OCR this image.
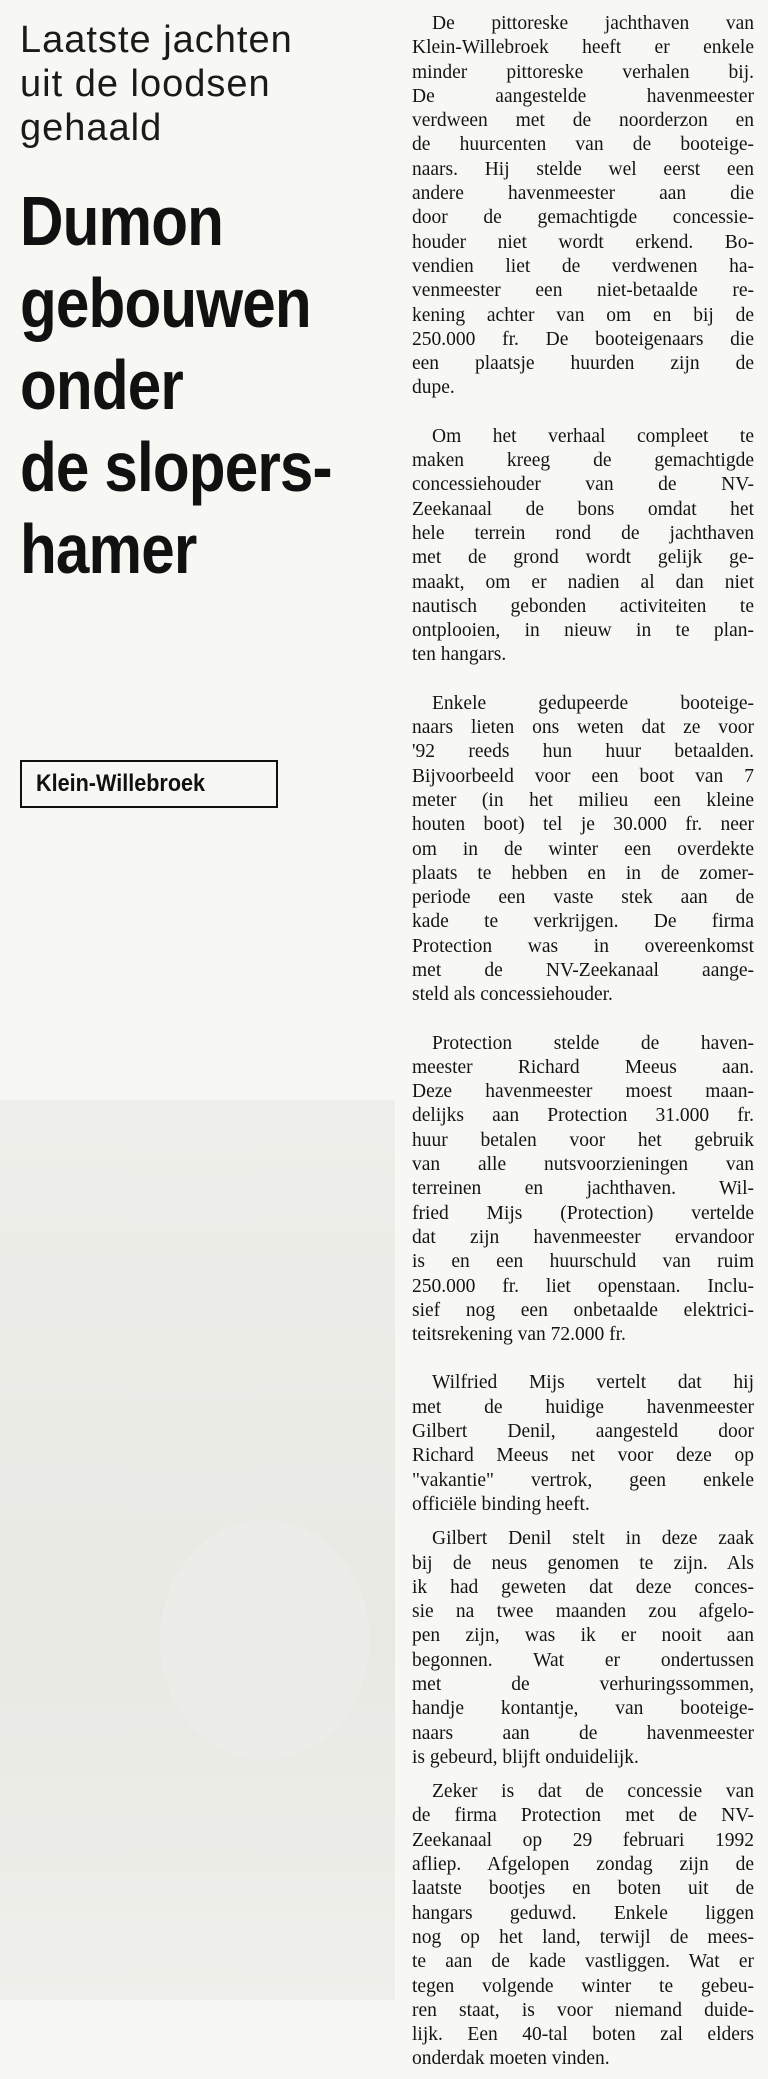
Laatste jachten
uit de loodsen
gehaald
Dumon
gebouwen
onder
de slopers-
hamer
Klein-Willebroek

De pittoreske jachthaven van
Klein-Willebroek heeft er enkele
minder pittoreske verhalen bij.
De aangestelde havenmeester
verdween met de noorderzon en
de huurcenten van de booteige-
naars. Hij stelde wel eerst een
andere havenmeester aan die
door de gemachtigde concessie-
houder niet wordt erkend. Bo-
vendien liet de verdwenen ha-
venmeester een niet-betaalde re-
kening achter van om en bij de
250.000 fr. De booteigenaars die
een plaatsje huurden zijn de
dupe.

Om het verhaal compleet te
maken kreeg de gemachtigde
concessiehouder van de NV-
Zeekanaal de bons omdat het
hele terrein rond de jachthaven
met de grond wordt gelijk ge-
maakt, om er nadien al dan niet
nautisch gebonden activiteiten te
ontplooien, in nieuw in te plan-
ten hangars.

Enkele gedupeerde booteige-
naars lieten ons weten dat ze voor
'92 reeds hun huur betaalden.
Bijvoorbeeld voor een boot van 7
meter (in het milieu een kleine
houten boot) tel je 30.000 fr. neer
om in de winter een overdekte
plaats te hebben en in de zomer-
periode een vaste stek aan de
kade te verkrijgen. De firma
Protection was in overeenkomst
met de NV-Zeekanaal aange-
steld als concessiehouder.

Protection stelde de haven-
meester Richard Meeus aan.
Deze havenmeester moest maan-
delijks aan Protection 31.000 fr.
huur betalen voor het gebruik
van alle nutsvoorzieningen van
terreinen en jachthaven. Wil-
fried Mijs (Protection) vertelde
dat zijn havenmeester ervandoor
is en een huurschuld van ruim
250.000 fr. liet openstaan. Inclu-
sief nog een onbetaalde elektrici-
teitsrekening van 72.000 fr.

Wilfried Mijs vertelt dat hij
met de huidige havenmeester
Gilbert Denil, aangesteld door
Richard Meeus net voor deze op
"vakantie" vertrok, geen enkele
officiële binding heeft.

Gilbert Denil stelt in deze zaak
bij de neus genomen te zijn. Als
ik had geweten dat deze conces-
sie na twee maanden zou afgelo-
pen zijn, was ik er nooit aan
begonnen. Wat er ondertussen
met de verhuringssommen,
handje kontantje, van booteige-
naars aan de havenmeester
is gebeurd, blijft onduidelijk.

Zeker is dat de concessie van
de firma Protection met de NV-
Zeekanaal op 29 februari 1992
afliep. Afgelopen zondag zijn de
laatste bootjes en boten uit de
hangars geduwd. Enkele liggen
nog op het land, terwijl de mees-
te aan de kade vastliggen. Wat er
tegen volgende winter te gebeu-
ren staat, is voor niemand duide-
lijk. Een 40-tal boten zal elders
onderdak moeten vinden.
